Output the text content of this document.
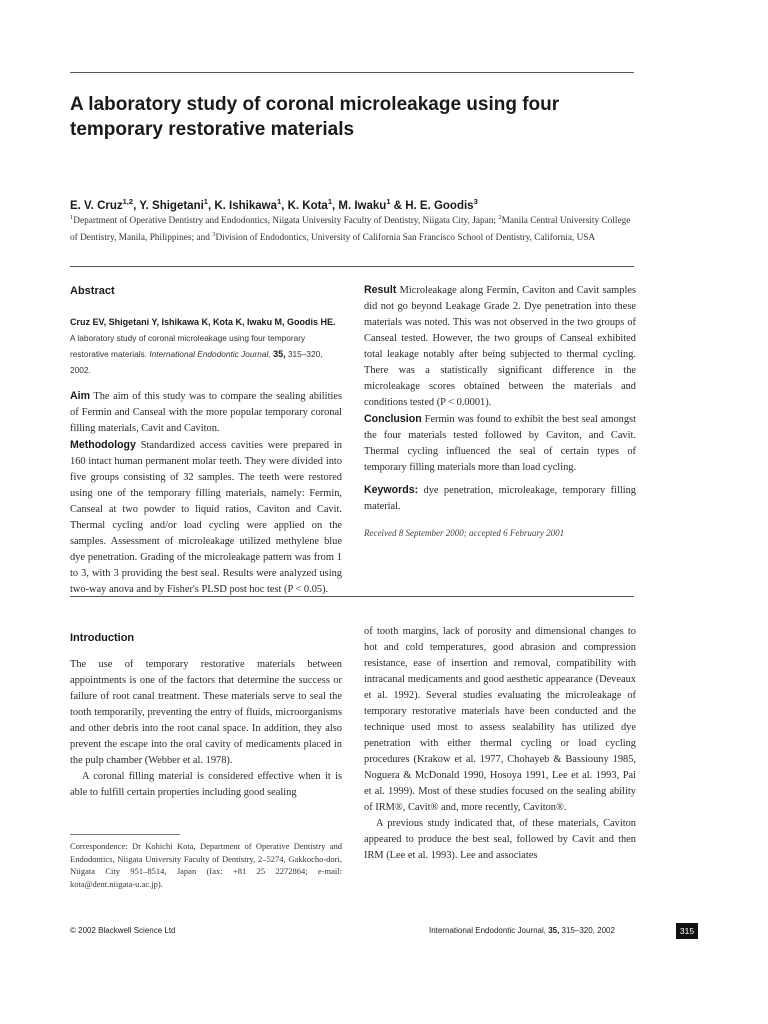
A laboratory study of coronal microleakage using four temporary restorative materials
E. V. Cruz$^{1,2}$, Y. Shigetani$^1$, K. Ishikawa$^1$, K. Kota$^1$, M. Iwaku$^1$ & H. E. Goodis$^3$
$^1$Department of Operative Dentistry and Endodontics, Niigata University Faculty of Dentistry, Niigata City, Japan; $^2$Manila Central University College of Dentistry, Manila, Philippines; and $^3$Division of Endodontics, University of California San Francisco School of Dentistry, California, USA
Abstract

Cruz EV, Shigetani Y, Ishikawa K, Kota K, Iwaku M, Goodis HE. A laboratory study of coronal microleakage using four temporary restorative materials. International Endodontic Journal, 35, 315–320, 2002.

Aim The aim of this study was to compare the sealing abilities of Fermin and Canseal with the more popular temporary coronal filling materials, Cavit and Caviton.

Methodology Standardized access cavities were prepared in 160 intact human permanent molar teeth. They were divided into five groups consisting of 32 samples. The teeth were restored using one of the temporary filling materials, namely: Fermin, Canseal at two powder to liquid ratios, Caviton and Cavit. Thermal cycling and/or load cycling were applied on the samples. Assessment of microleakage utilized methylene blue dye penetration. Grading of the microleakage pattern was from 1 to 3, with 3 providing the best seal. Results were analyzed using two-way anova and by Fisher's PLSD post hoc test (P < 0.05).

Result Microleakage along Fermin, Caviton and Cavit samples did not go beyond Leakage Grade 2. Dye penetration into these materials was noted. This was not observed in the two groups of Canseal tested. However, the two groups of Canseal exhibited total leakage notably after being subjected to thermal cycling. There was a statistically significant difference in the microleakage scores obtained between the materials and conditions tested (P < 0.0001).

Conclusion Fermin was found to exhibit the best seal amongst the four materials tested followed by Caviton, and Cavit. Thermal cycling influenced the seal of certain types of temporary filling materials more than load cycling.

Keywords: dye penetration, microleakage, temporary filling material.

Received 8 September 2000; accepted 6 February 2001

Introduction

The use of temporary restorative materials between appointments is one of the factors that determine the success or failure of root canal treatment. These materials serve to seal the tooth temporarily, preventing the entry of fluids, microorganisms and other debris into the root canal space. In addition, they also prevent the escape into the oral cavity of medicaments placed in the pulp chamber (Webber et al. 1978).

A coronal filling material is considered effective when it is able to fulfill certain properties including good sealing

of tooth margins, lack of porosity and dimensional changes to hot and cold temperatures, good abrasion and compression resistance, ease of insertion and removal, compatibility with intracanal medicaments and good aesthetic appearance (Deveaux et al. 1992). Several studies evaluating the microleakage of temporary restorative materials have been conducted and the technique used most to assess sealability has utilized dye penetration with either thermal cycling or load cycling procedures (Krakow et al. 1977, Chohayeb & Bassiouny 1985, Noguera & McDonald 1990, Hosoya 1991, Lee et al. 1993, Pai et al. 1999). Most of these studies focused on the sealing ability of IRM®, Cavit® and, more recently, Caviton®.

A previous study indicated that, of these materials, Caviton appeared to produce the best seal, followed by Cavit and then IRM (Lee et al. 1993). Lee and associates

Correspondence: Dr Kohichi Kota, Department of Operative Dentistry and Endodontics, Niigata University Faculty of Dentistry, 2–5274, Gakkocho-dori, Niigata City 951–8514, Japan (fax: +81 25 2272864; e-mail: kota@dent.niigata-u.ac.jp).
© 2002 Blackwell Science Ltd	International Endodontic Journal, 35, 315–320, 2002	315
